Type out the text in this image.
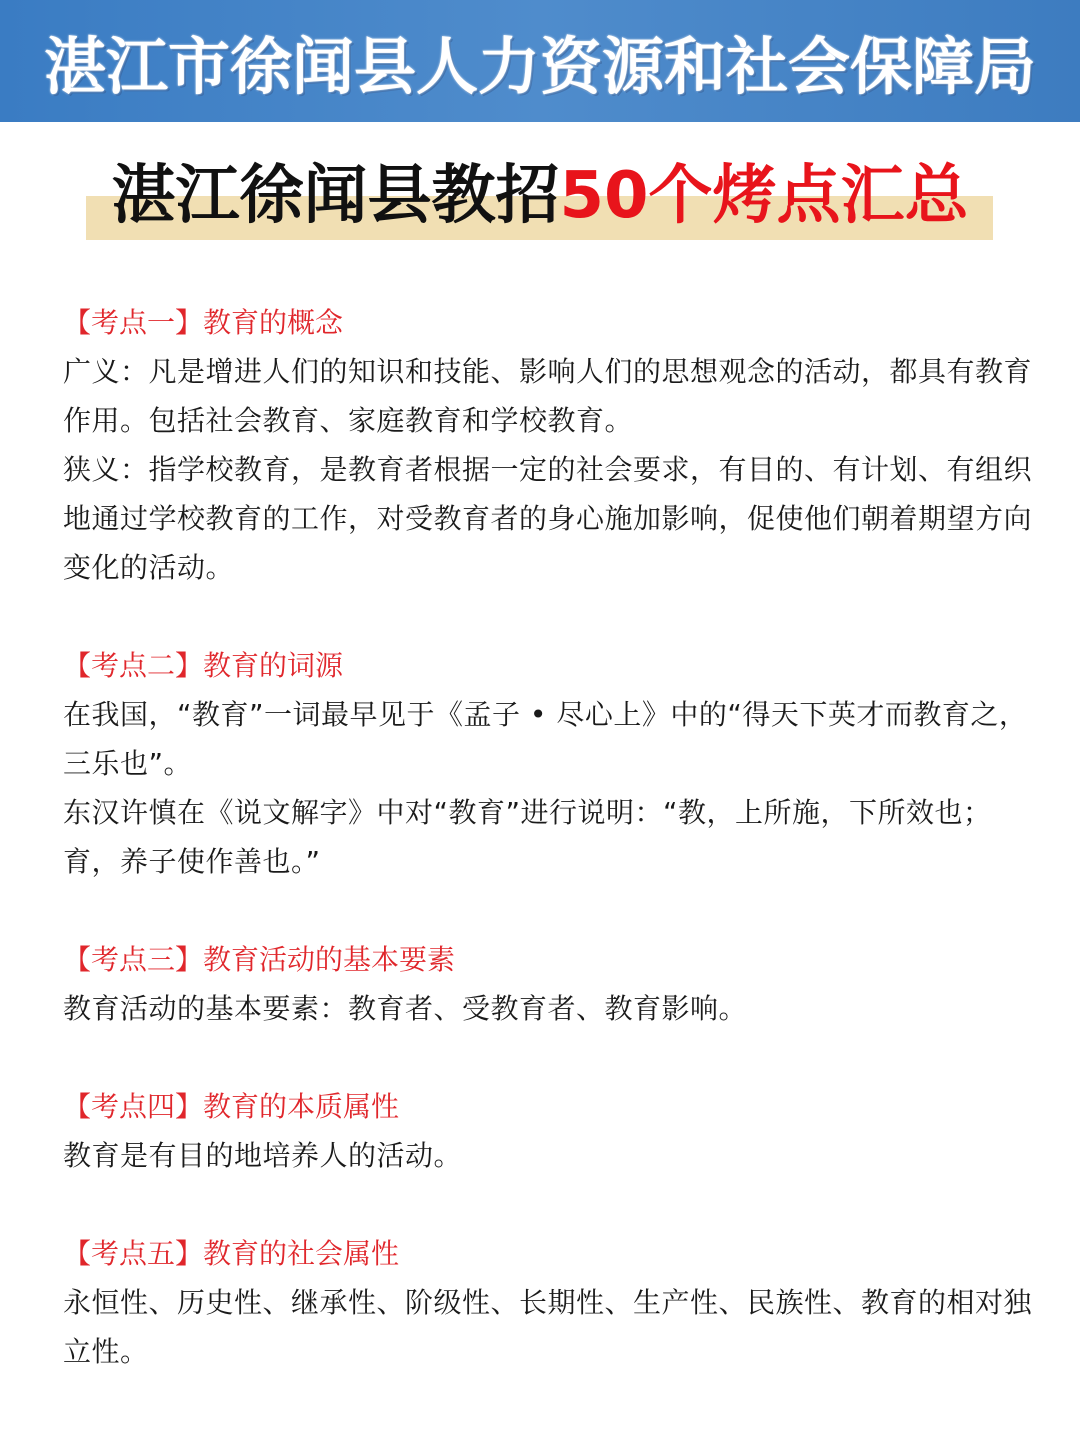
湛江市徐闻县人力资源和社会保障局
湛江徐闻县教招50个烤点汇总

【考点一】教育的概念

广义：凡是增进人们的知识和技能、影响人们的思想观念的活动，都具有教育作用。包括社会教育、家庭教育和学校教育。

狭义：指学校教育，是教育者根据一定的社会要求，有目的、有计划、有组织地通过学校教育的工作，对受教育者的身心施加影响，促使他们朝着期望方向变化的活动。

【考点二】教育的词源

在我国，“教育”一词最早见于《孟子 • 尽心上》中的“得天下英才而教育之， 三乐也”。

东汉许慎在《说文解字》中对“教育”进行说明：“教，上所施，下所效也；育，养子使作善也。”

【考点三】教育活动的基本要素

教育活动的基本要素：教育者、受教育者、教育影响。

【考点四】教育的本质属性

教育是有目的地培养人的活动。

【考点五】教育的社会属性

永恒性、历史性、继承性、阶级性、长期性、生产性、民族性、教育的相对独立性。
